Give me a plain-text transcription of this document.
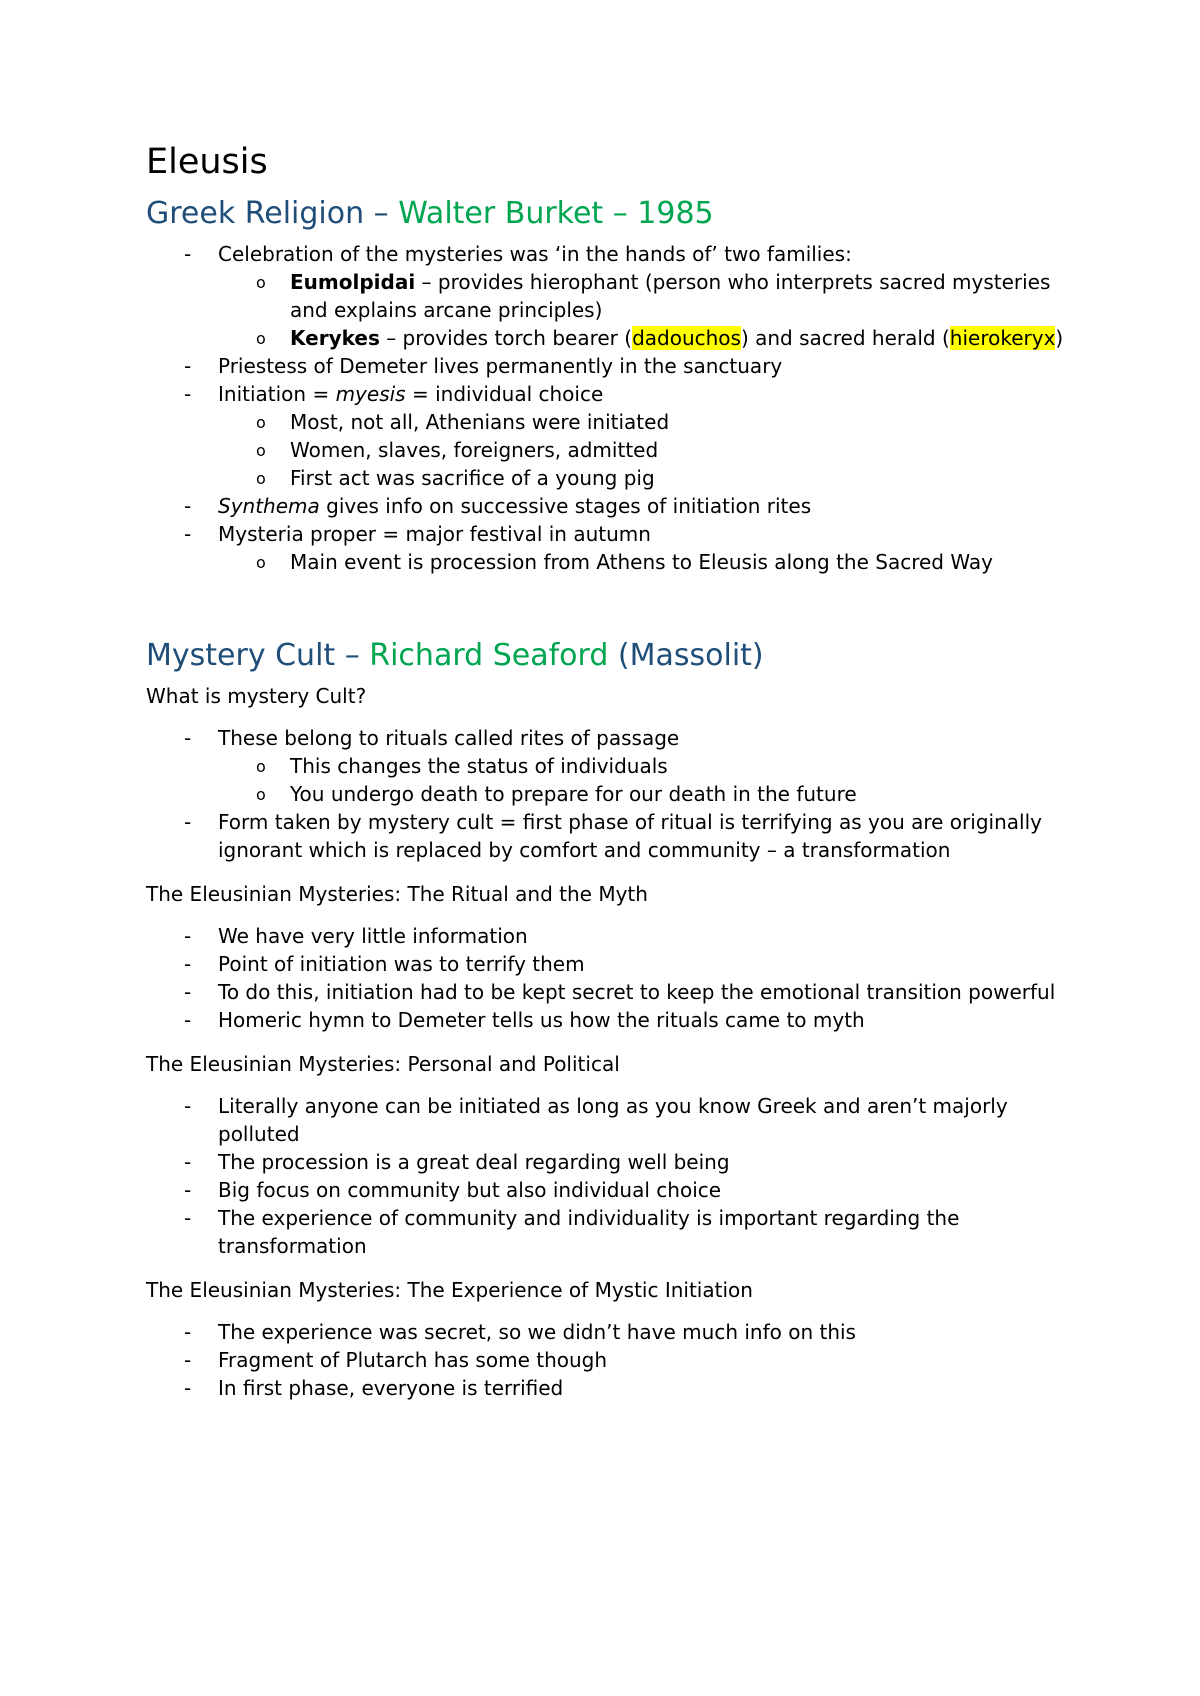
Eleusis
Greek Religion – Walter Burket – 1985
- Celebration of the mysteries was ‘in the hands of’ two families:
o Eumolpidai – provides hierophant (person who interprets sacred mysteries and explains arcane principles)
o Kerykes – provides torch bearer (dadouchos) and sacred herald (hierokeryx)
- Priestess of Demeter lives permanently in the sanctuary
- Initiation = myesis = individual choice
o Most, not all, Athenians were initiated
o Women, slaves, foreigners, admitted
o First act was sacrifice of a young pig
- Synthema gives info on successive stages of initiation rites
- Mysteria proper = major festival in autumn
o Main event is procession from Athens to Eleusis along the Sacred Way
Mystery Cult – Richard Seaford (Massolit)

What is mystery Cult?

- These belong to rituals called rites of passage
o This changes the status of individuals
o You undergo death to prepare for our death in the future
- Form taken by mystery cult = first phase of ritual is terrifying as you are originally ignorant which is replaced by comfort and community – a transformation

The Eleusinian Mysteries: The Ritual and the Myth

- We have very little information
- Point of initiation was to terrify them
- To do this, initiation had to be kept secret to keep the emotional transition powerful
- Homeric hymn to Demeter tells us how the rituals came to myth

The Eleusinian Mysteries: Personal and Political

- Literally anyone can be initiated as long as you know Greek and aren’t majorly polluted
- The procession is a great deal regarding well being
- Big focus on community but also individual choice
- The experience of community and individuality is important regarding the transformation

The Eleusinian Mysteries: The Experience of Mystic Initiation

- The experience was secret, so we didn’t have much info on this
- Fragment of Plutarch has some though
- In first phase, everyone is terrified
